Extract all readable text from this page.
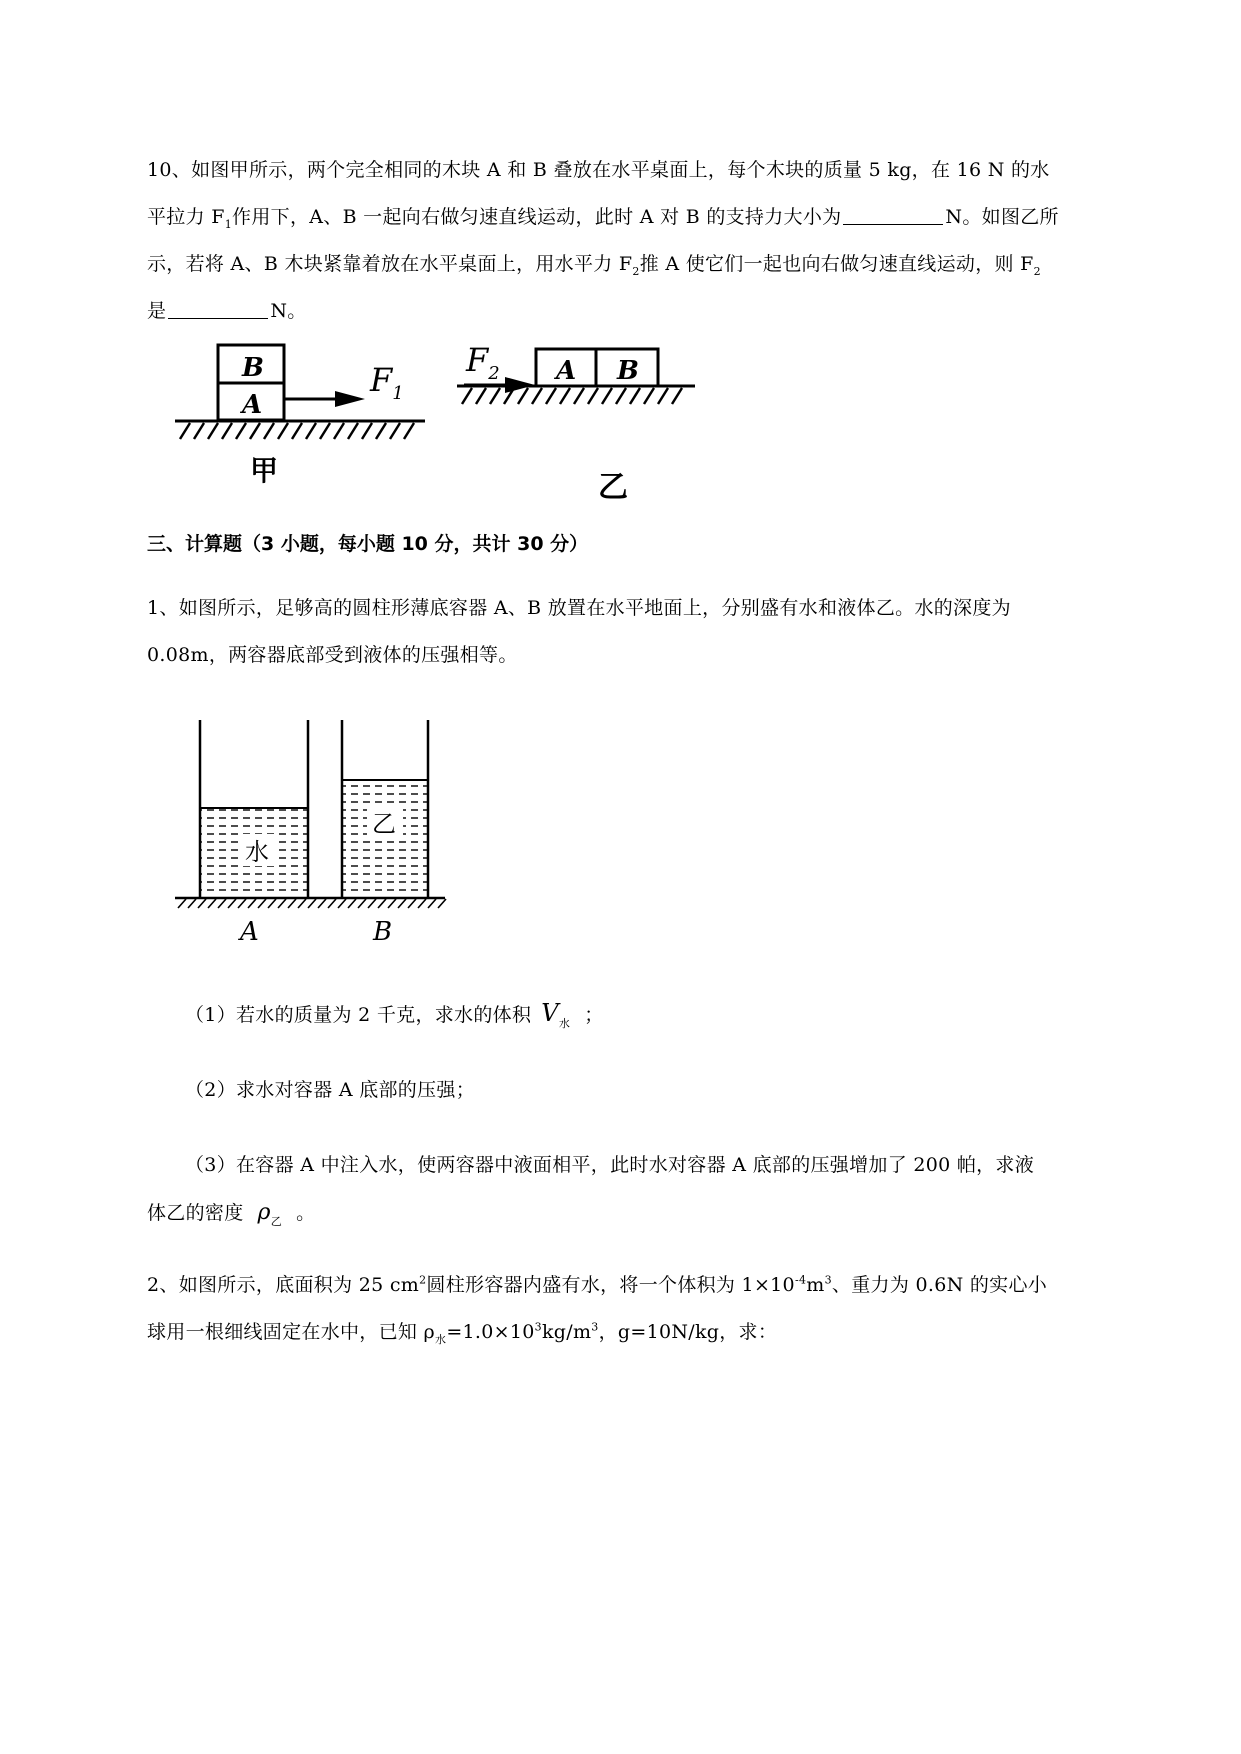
10、如图甲所示，两个完全相同的木块 A 和 B 叠放在水平桌面上，每个木块的质量 5 kg，在 16 N 的水
平拉力 $F_1$作用下，A、B 一起向右做匀速直线运动，此时 A 对 B 的支持力大小为	N。如图乙所
示，若将 A、B 木块紧靠着放在水平桌面上，用水平力 $F_2$推 A 使它们一起也向右做匀速直线运动，则 $F_2$
是	N。
B
A
$F_1$
甲
$F_2$ A B
乙
三、计算题（3 小题，每小题 10 分，共计 30 分）
1、如图所示，足够高的圆柱形薄底容器 A、B 放置在水平地面上，分别盛有水和液体乙。水的深度为
0.08m，两容器底部受到液体的压强相等。
水
乙
A	B
（1）若水的质量为 2 千克，求水的体积 $V_水$ ；
（2）求水对容器 A 底部的压强；
（3）在容器 A 中注入水，使两容器中液面相平，此时水对容器 A 底部的压强增加了 200 帕，求液
体乙的密度 $\rho_乙$ 。
2、如图所示，底面积为 25 $cm^2$圆柱形容器内盛有水，将一个体积为 $1\times 10^{-4}m^3$、重力为 0.6N 的实心小
球用一根细线固定在水中，已知 $\rho_水=1.0\times 10^3kg/m^3$，g=10N/kg，求：
